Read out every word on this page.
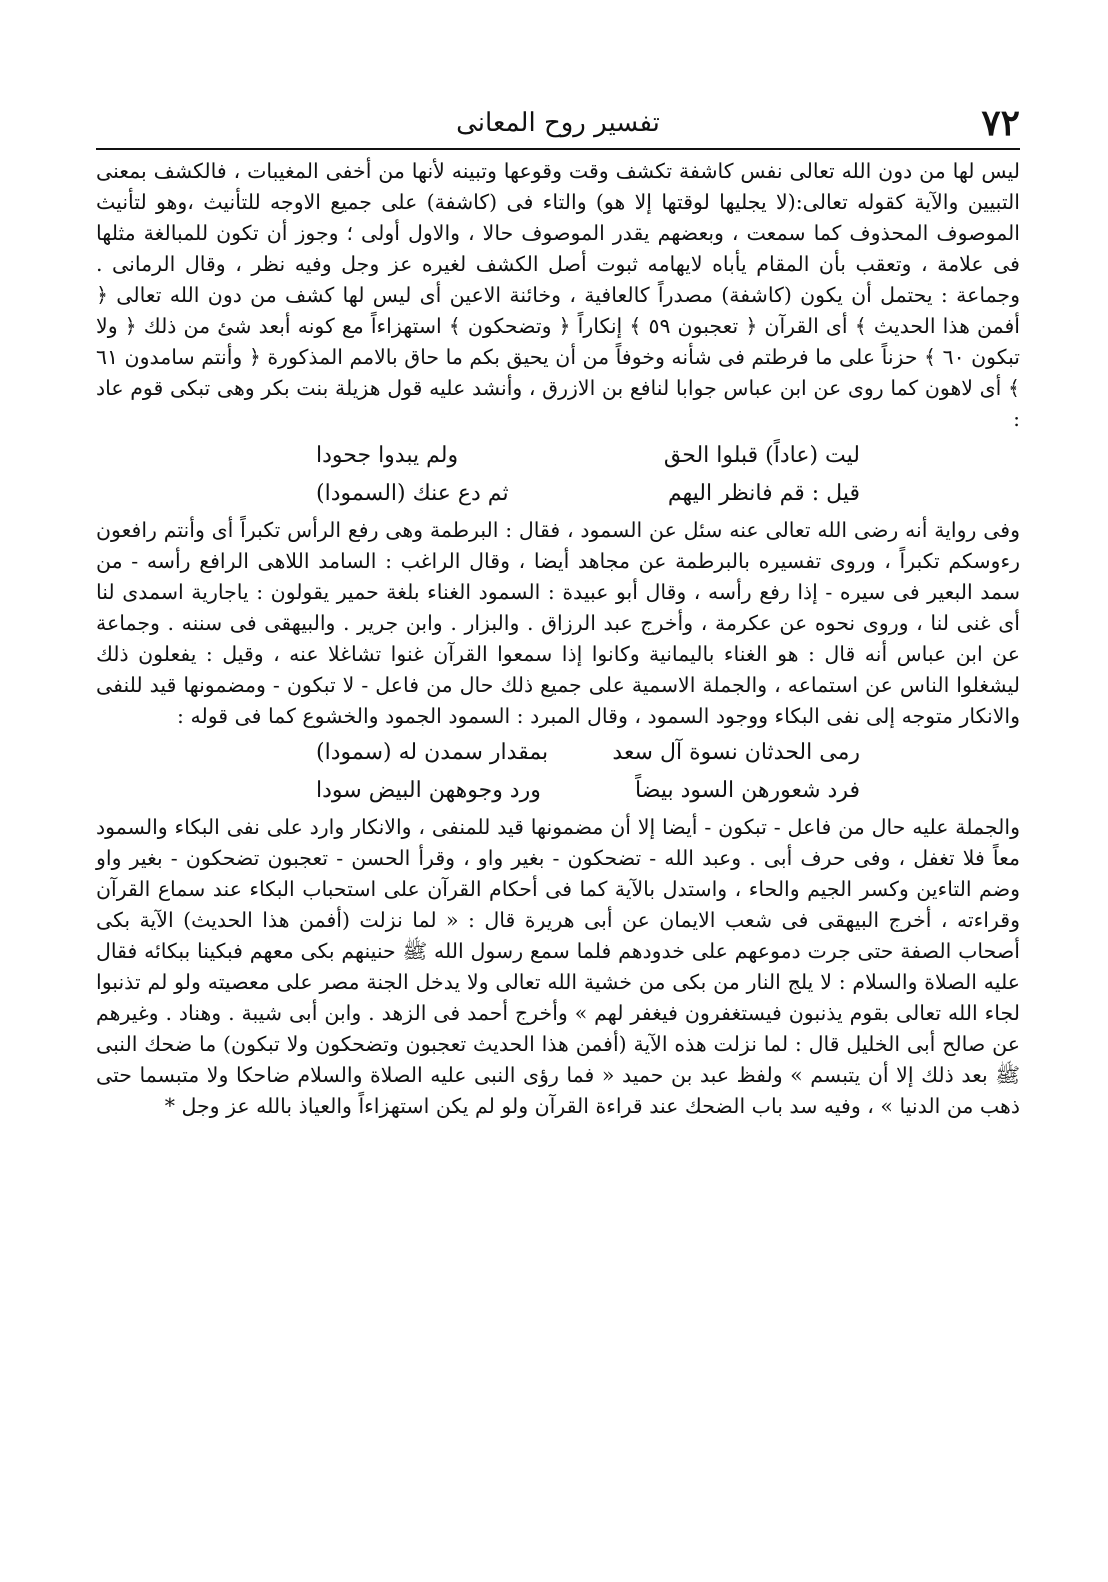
٧٢
تفسير روح المعانى

ليس لها من دون الله تعالى نفس كاشفة تكشف وقت وقوعها وتبينه لأنها من أخفى المغيبات ، فالكشف بمعنى التبيين والآية كقوله تعالى:(لا يجليها لوقتها إلا هو) والتاء فى (كاشفة) على جميع الاوجه للتأنيث ،وهو لتأنيث الموصوف المحذوف كما سمعت ، وبعضهم يقدر الموصوف حالا ، والاول أولى ؛ وجوز أن تكون للمبالغة مثلها فى علامة ، وتعقب بأن المقام يأباه لايهامه ثبوت أصل الكشف لغيره عز وجل وفيه نظر ، وقال الرمانى . وجماعة : يحتمل أن يكون (كاشفة) مصدراً كالعافية ، وخائنة الاعين أى ليس لها كشف من دون الله تعالى ﴿ أفمن هذا الحديث ﴾ أى القرآن ﴿ تعجبون ٥٩ ﴾ إنكاراً ﴿ وتضحكون ﴾ استهزاءاً مع كونه أبعد شئ من ذلك ﴿ ولا تبكون ٦٠ ﴾ حزناً على ما فرطتم فى شأنه وخوفاً من أن يحيق بكم ما حاق بالامم المذكورة ﴿ وأنتم سامدون ٦١ ﴾ أى لاهون كما روى عن ابن عباس جوابا لنافع بن الازرق ، وأنشد عليه قول هزيلة بنت بكر وهى تبكى قوم عاد :

ليت (عاداً) قبلوا الحق
ولم يبدوا جحودا
قيل : قم فانظر اليهم
ثم دع عنك (السمودا)

وفى رواية أنه رضى الله تعالى عنه سئل عن السمود ، فقال : البرطمة وهى رفع الرأس تكبراً أى وأنتم رافعون رءوسكم تكبراً ، وروى تفسيره بالبرطمة عن مجاهد أيضا ، وقال الراغب : السامد اللاهى الرافع رأسه - من سمد البعير فى سيره - إذا رفع رأسه ، وقال أبو عبيدة : السمود الغناء بلغة حمير يقولون : ياجارية اسمدى لنا أى غنى لنا ، وروى نحوه عن عكرمة ، وأخرج عبد الرزاق . والبزار . وابن جرير . والبيهقى فى سننه . وجماعة عن ابن عباس أنه قال : هو الغناء باليمانية وكانوا إذا سمعوا القرآن غنوا تشاغلا عنه ، وقيل : يفعلون ذلك ليشغلوا الناس عن استماعه ، والجملة الاسمية على جميع ذلك حال من فاعل - لا تبكون - ومضمونها قيد للنفى والانكار متوجه إلى نفى البكاء ووجود السمود ، وقال المبرد : السمود الجمود والخشوع كما فى قوله :

رمى الحدثان نسوة آل سعد
بمقدار سمدن له (سمودا)
فرد شعورهن السود بيضاً
ورد وجوههن البيض سودا

والجملة عليه حال من فاعل - تبكون - أيضا إلا أن مضمونها قيد للمنفى ، والانكار وارد على نفى البكاء والسمود معاً فلا تغفل ، وفى حرف أبى . وعبد الله - تضحكون - بغير واو ، وقرأ الحسن - تعجبون تضحكون - بغير واو وضم التاءين وكسر الجيم والحاء ، واستدل بالآية كما فى أحكام القرآن على استحباب البكاء عند سماع القرآن وقراءته ، أخرج البيهقى فى شعب الايمان عن أبى هريرة قال : « لما نزلت (أفمن هذا الحديث) الآية بكى أصحاب الصفة حتى جرت دموعهم على خدودهم فلما سمع رسول الله ﷺ حنينهم بكى معهم فبكينا ببكائه فقال عليه الصلاة والسلام : لا يلج النار من بكى من خشية الله تعالى ولا يدخل الجنة مصر على معصيته ولو لم تذنبوا لجاء الله تعالى بقوم يذنبون فيستغفرون فيغفر لهم » وأخرج أحمد فى الزهد . وابن أبى شيبة . وهناد . وغيرهم عن صالح أبى الخليل قال : لما نزلت هذه الآية (أفمن هذا الحديث تعجبون وتضحكون ولا تبكون) ما ضحك النبى ﷺ بعد ذلك إلا أن يتبسم » ولفظ عبد بن حميد « فما رؤى النبى عليه الصلاة والسلام ضاحكا ولا متبسما حتى ذهب من الدنيا » ، وفيه سد باب الضحك عند قراءة القرآن ولو لم يكن استهزاءاً والعياذ بالله عز وجل *
